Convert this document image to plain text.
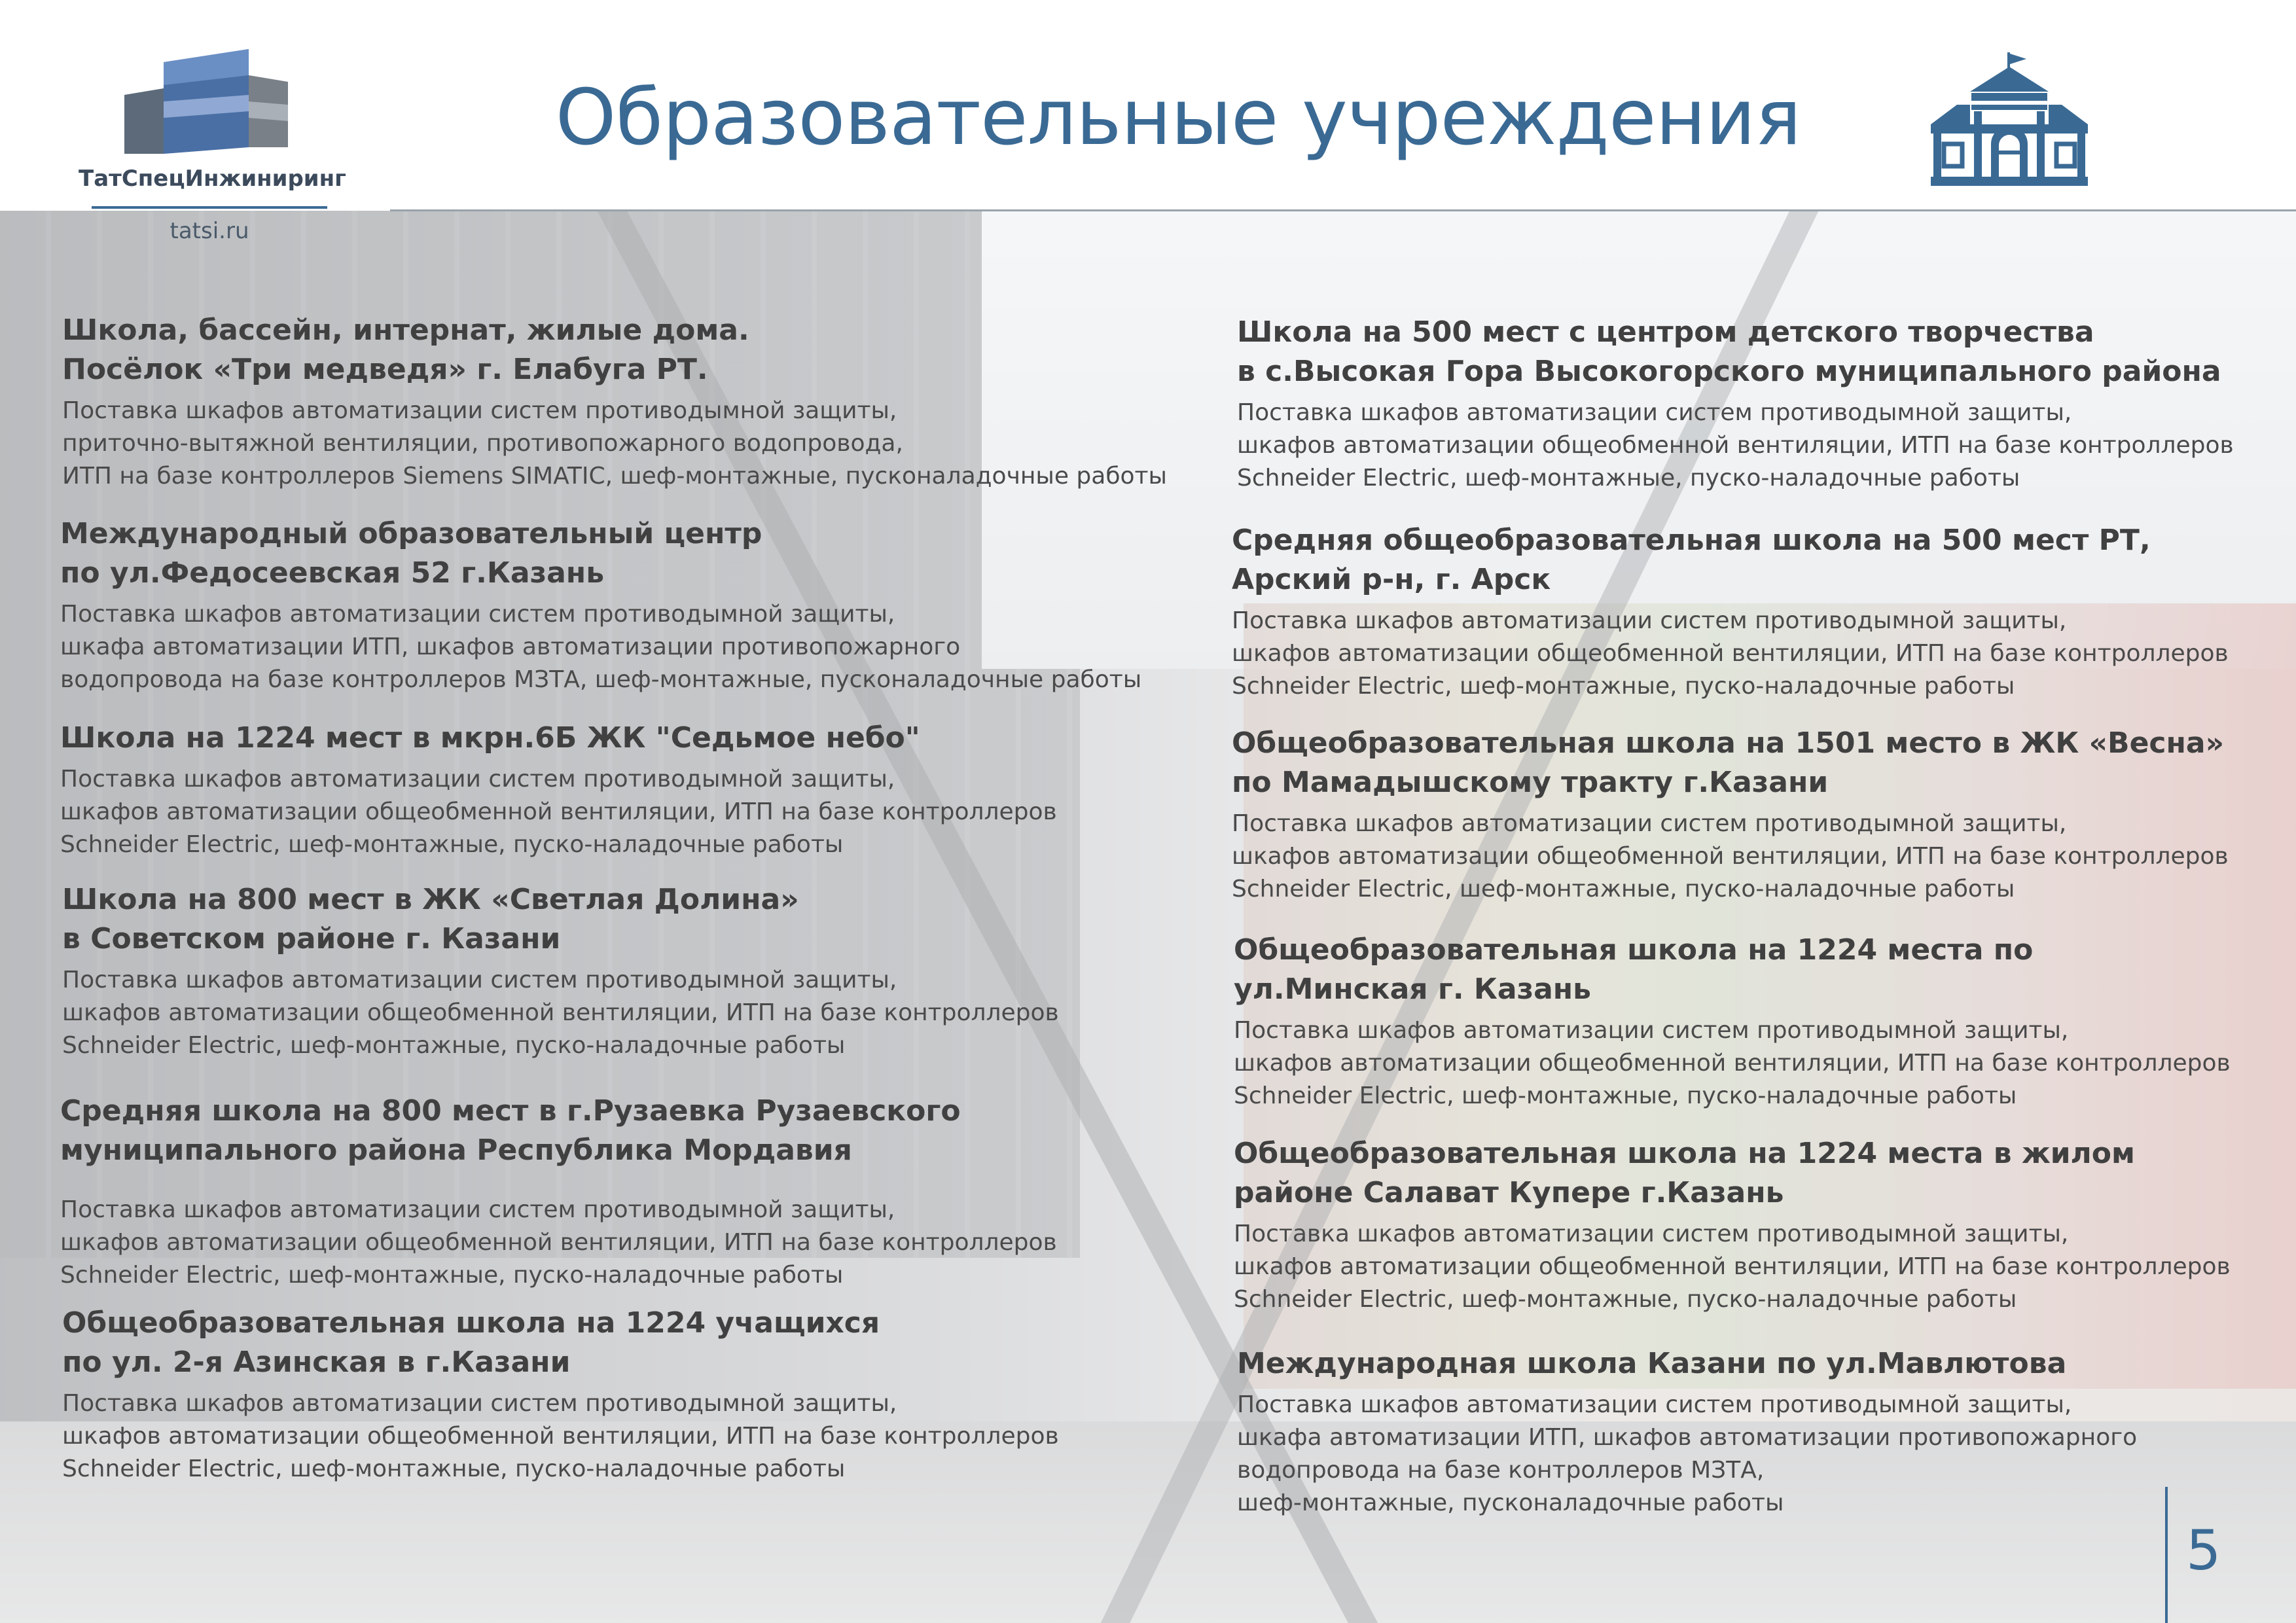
ТатСпецИнжиниринг
tatsi.ru
Образовательные учреждения
Школа, бассейн, интернат, жилые дома.
Посёлок «Три медведя» г. Елабуга РТ.

Поставка шкафов автоматизации систем противодымной защиты,
приточно-вытяжной вентиляции, противопожарного водопровода,
ИТП на базе контроллеров Siemens SIMATIC, шеф-монтажные, пусконаладочные работы

Международный образовательный центр
по ул.Федосеевская 52 г.Казань

Поставка шкафов автоматизации систем противодымной защиты,
шкафа автоматизации ИТП, шкафов автоматизации противопожарного
водопровода на базе контроллеров МЗТА, шеф-монтажные, пусконаладочные работы

Школа на 1224 мест в мкрн.6Б ЖК "Седьмое небо"

Поставка шкафов автоматизации систем противодымной защиты,
шкафов автоматизации общеобменной вентиляции, ИТП на базе контроллеров
Schneider Electric, шеф-монтажные, пуско-наладочные работы

Школа на 800 мест в ЖК «Светлая Долина»
в Советском районе г. Казани

Поставка шкафов автоматизации систем противодымной защиты,
шкафов автоматизации общеобменной вентиляции, ИТП на базе контроллеров
Schneider Electric, шеф-монтажные, пуско-наладочные работы

Средняя школа на 800 мест в г.Рузаевка Рузаевского
муниципального района Республика Мордавия

Поставка шкафов автоматизации систем противодымной защиты,
шкафов автоматизации общеобменной вентиляции, ИТП на базе контроллеров
Schneider Electric, шеф-монтажные, пуско-наладочные работы

Общеобразовательная школа на 1224 учащихся
по ул. 2-я Азинская в г.Казани

Поставка шкафов автоматизации систем противодымной защиты,
шкафов автоматизации общеобменной вентиляции, ИТП на базе контроллеров
Schneider Electric, шеф-монтажные, пуско-наладочные работы

Школа на 500 мест с центром детского творчества
в с.Высокая Гора Высокогорского муниципального района

Поставка шкафов автоматизации систем противодымной защиты,
шкафов автоматизации общеобменной вентиляции, ИТП на базе контроллеров
Schneider Electric, шеф-монтажные, пуско-наладочные работы

Средняя общеобразовательная школа на 500 мест РТ,
Арский р-н, г. Арск

Поставка шкафов автоматизации систем противодымной защиты,
шкафов автоматизации общеобменной вентиляции, ИТП на базе контроллеров
Schneider Electric, шеф-монтажные, пуско-наладочные работы

Общеобразовательная школа на 1501 место в ЖК «Весна»
по Мамадышскому тракту г.Казани

Поставка шкафов автоматизации систем противодымной защиты,
шкафов автоматизации общеобменной вентиляции, ИТП на базе контроллеров
Schneider Electric, шеф-монтажные, пуско-наладочные работы

Общеобразовательная школа на 1224 места по
ул.Минская г. Казань

Поставка шкафов автоматизации систем противодымной защиты,
шкафов автоматизации общеобменной вентиляции, ИТП на базе контроллеров
Schneider Electric, шеф-монтажные, пуско-наладочные работы

Общеобразовательная школа на 1224 места в жилом
районе Салават Купере г.Казань

Поставка шкафов автоматизации систем противодымной защиты,
шкафов автоматизации общеобменной вентиляции, ИТП на базе контроллеров
Schneider Electric, шеф-монтажные, пуско-наладочные работы

Международная школа Казани по ул.Мавлютова

Поставка шкафов автоматизации систем противодымной защиты,
шкафа автоматизации ИТП, шкафов автоматизации противопожарного
водопровода на базе контроллеров МЗТА,
шеф-монтажные, пусконаладочные работы

5
